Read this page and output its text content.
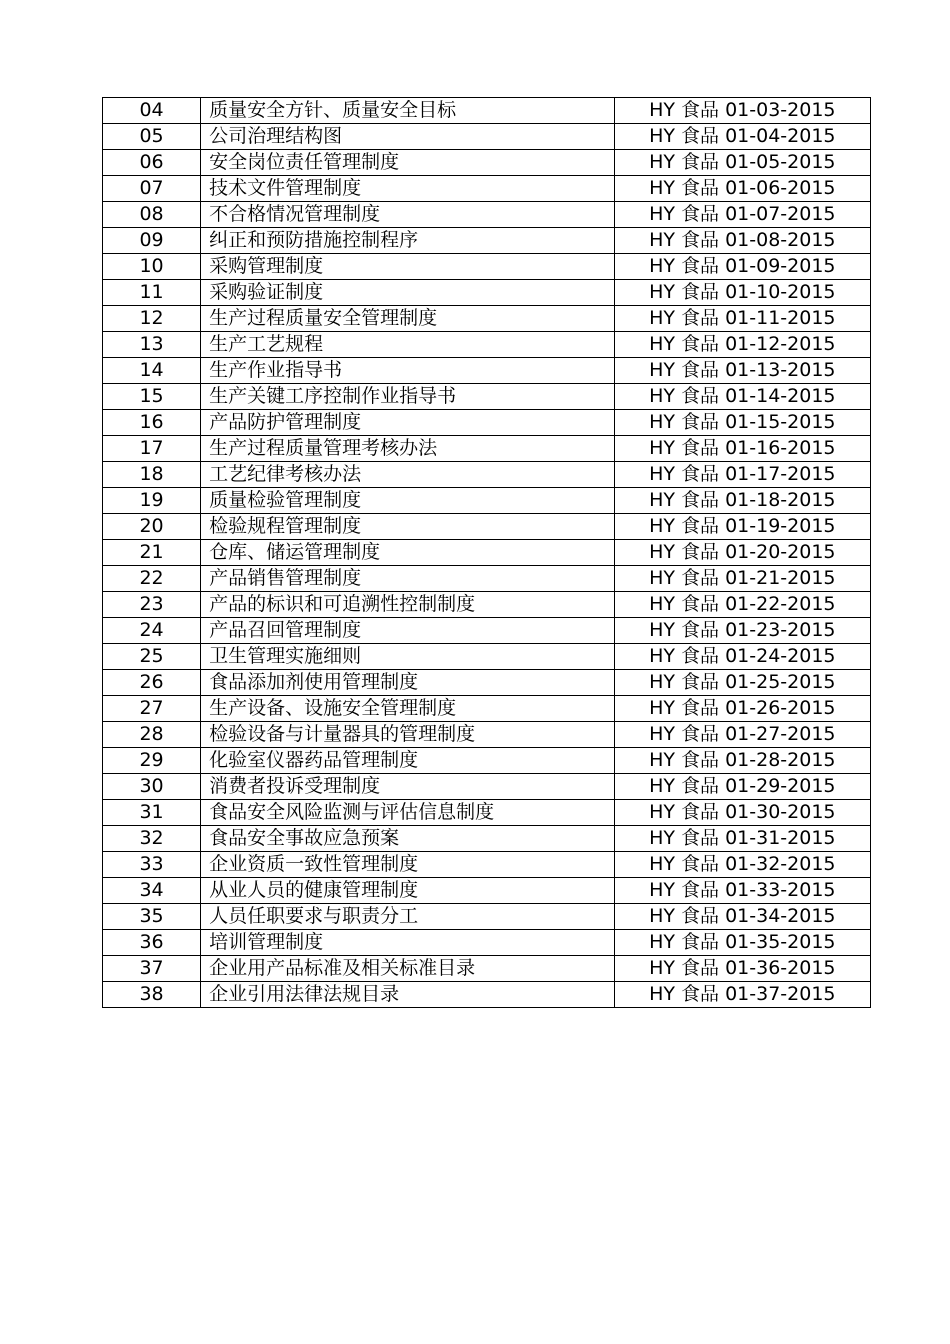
04	质量安全方针、质量安全目标	HY 食品 01-03-2015
05	公司治理结构图	HY 食品 01-04-2015
06	安全岗位责任管理制度	HY 食品 01-05-2015
07	技术文件管理制度	HY 食品 01-06-2015
08	不合格情况管理制度	HY 食品 01-07-2015
09	纠正和预防措施控制程序	HY 食品 01-08-2015
10	采购管理制度	HY 食品 01-09-2015
11	采购验证制度	HY 食品 01-10-2015
12	生产过程质量安全管理制度	HY 食品 01-11-2015
13	生产工艺规程	HY 食品 01-12-2015
14	生产作业指导书	HY 食品 01-13-2015
15	生产关键工序控制作业指导书	HY 食品 01-14-2015
16	产品防护管理制度	HY 食品 01-15-2015
17	生产过程质量管理考核办法	HY 食品 01-16-2015
18	工艺纪律考核办法	HY 食品 01-17-2015
19	质量检验管理制度	HY 食品 01-18-2015
20	检验规程管理制度	HY 食品 01-19-2015
21	仓库、储运管理制度	HY 食品 01-20-2015
22	产品销售管理制度	HY 食品 01-21-2015
23	产品的标识和可追溯性控制制度	HY 食品 01-22-2015
24	产品召回管理制度	HY 食品 01-23-2015
25	卫生管理实施细则	HY 食品 01-24-2015
26	食品添加剂使用管理制度	HY 食品 01-25-2015
27	生产设备、设施安全管理制度	HY 食品 01-26-2015
28	检验设备与计量器具的管理制度	HY 食品 01-27-2015
29	化验室仪器药品管理制度	HY 食品 01-28-2015
30	消费者投诉受理制度	HY 食品 01-29-2015
31	食品安全风险监测与评估信息制度	HY 食品 01-30-2015
32	食品安全事故应急预案	HY 食品 01-31-2015
33	企业资质一致性管理制度	HY 食品 01-32-2015
34	从业人员的健康管理制度	HY 食品 01-33-2015
35	人员任职要求与职责分工	HY 食品 01-34-2015
36	培训管理制度	HY 食品 01-35-2015
37	企业用产品标准及相关标准目录	HY 食品 01-36-2015
38	企业引用法律法规目录	HY 食品 01-37-2015
